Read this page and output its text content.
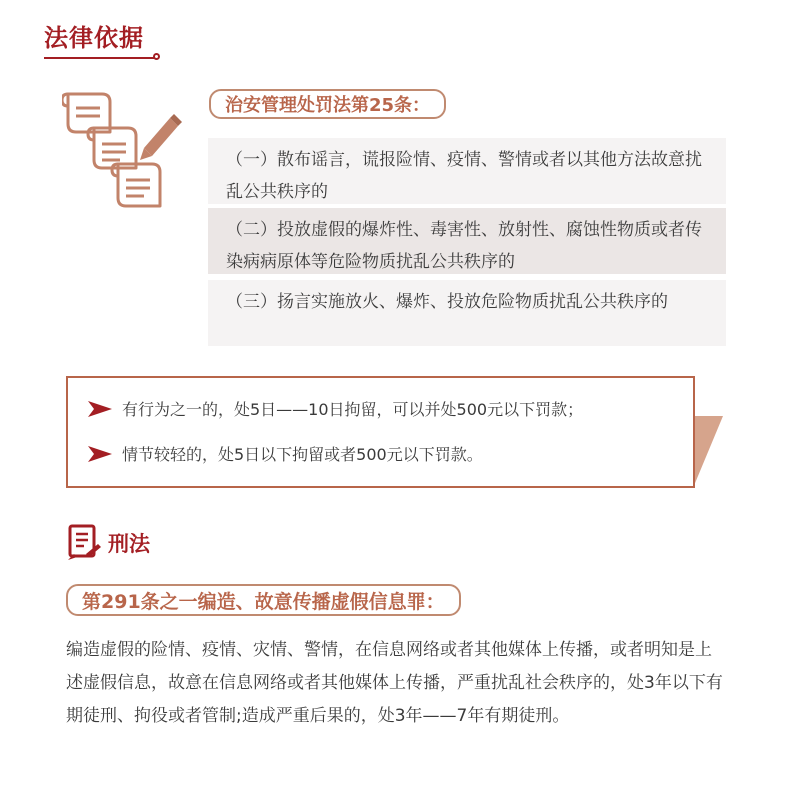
法律依据
治安管理处罚法第25条：
（一）散布谣言，谎报险情、疫情、警情或者以其他方法故意扰乱公共秩序的
（二）投放虚假的爆炸性、毒害性、放射性、腐蚀性物质或者传染病病原体等危险物质扰乱公共秩序的
（三）扬言实施放火、爆炸、投放危险物质扰乱公共秩序的
有行为之一的，处5日——10日拘留，可以并处500元以下罚款；
情节较轻的，处5日以下拘留或者500元以下罚款。
刑法
第291条之一编造、故意传播虚假信息罪：
编造虚假的险情、疫情、灾情、警情，在信息网络或者其他媒体上传播，或者明知是上述虚假信息，故意在信息网络或者其他媒体上传播，严重扰乱社会秩序的，处3年以下有期徒刑、拘役或者管制;造成严重后果的，处3年——7年有期徒刑。
